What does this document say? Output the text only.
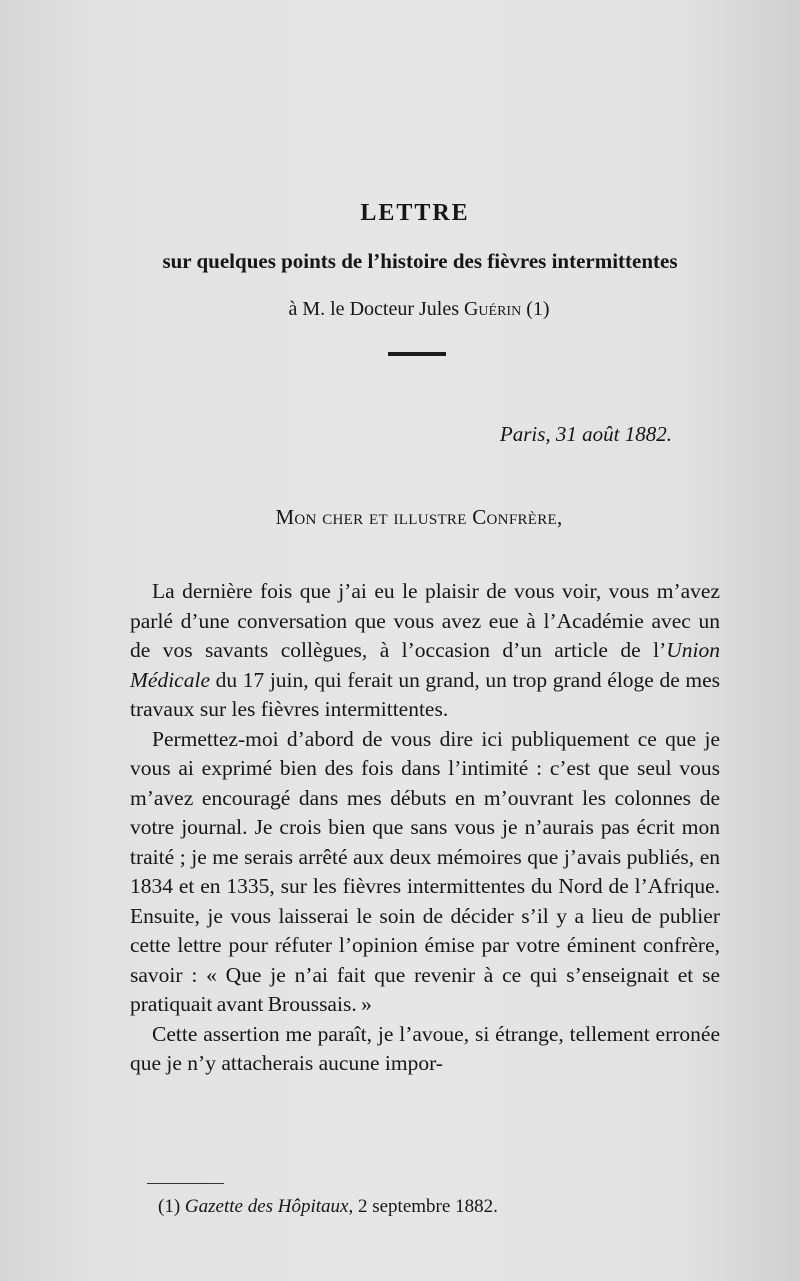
LETTRE
sur quelques points de l’histoire des fièvres intermittentes
à M. le Docteur Jules Guérin (1)
Paris, 31 août 1882.
Mon cher et illustre Confrère,

La dernière fois que j’ai eu le plaisir de vous voir, vous m’avez parlé d’une conversation que vous avez eue à l’Académie avec un de vos savants collègues, à l’occasion d’un article de l’Union Médicale du 17 juin, qui ferait un grand, un trop grand éloge de mes travaux sur les fièvres intermittentes.

Permettez-moi d’abord de vous dire ici publiquement ce que je vous ai exprimé bien des fois dans l’intimité : c’est que seul vous m’avez encouragé dans mes débuts en m’ouvrant les colonnes de votre journal. Je crois bien que sans vous je n’aurais pas écrit mon traité ; je me serais arrêté aux deux mémoires que j’avais publiés, en 1834 et en 1335, sur les fièvres intermittentes du Nord de l’Afrique. Ensuite, je vous laisserai le soin de décider s’il y a lieu de publier cette lettre pour réfuter l’opinion émise par votre éminent confrère, savoir : « Que je n’ai fait que revenir à ce qui s’enseignait et se pratiquait avant Broussais. »

Cette assertion me paraît, je l’avoue, si étrange, tellement erronée que je n’y attacherais aucune impor-

(1) Gazette des Hôpitaux, 2 septembre 1882.
